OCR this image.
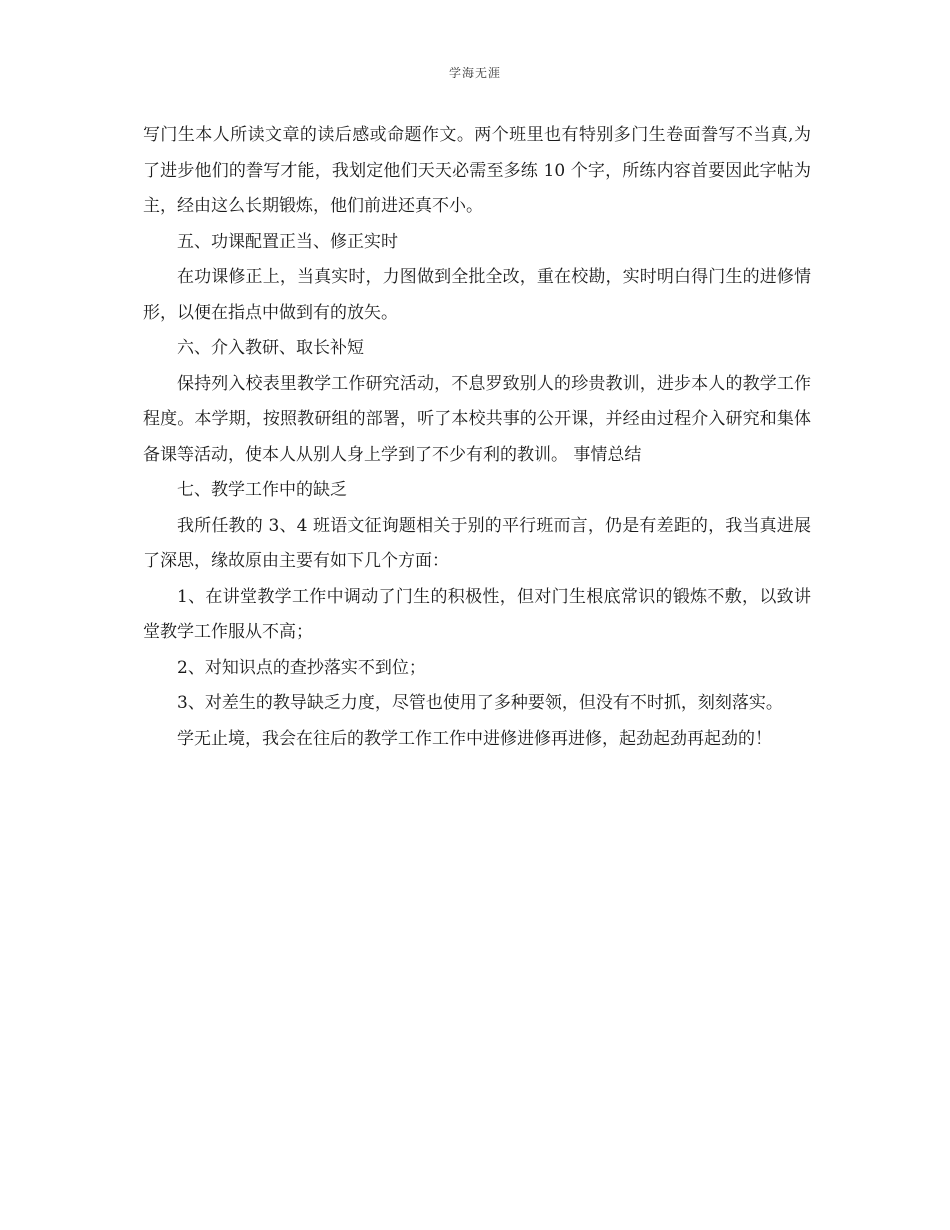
学海无涯

写门生本人所读文章的读后感或命题作文。两个班里也有特别多门生卷面誊写不当真,为了进步他们的誊写才能，我划定他们天天必需至多练 10 个字，所练内容首要因此字帖为主，经由这么长期锻炼，他们前进还真不小。

五、功课配置正当、修正实时

在功课修正上，当真实时，力图做到全批全改，重在校勘，实时明白得门生的进修情形，以便在指点中做到有的放矢。

六、介入教研、取长补短

保持列入校表里教学工作研究活动，不息罗致别人的珍贵教训，进步本人的教学工作程度。本学期，按照教研组的部署，听了本校共事的公开课，并经由过程介入研究和集体备课等活动，使本人从别人身上学到了不少有利的教训。 事情总结

七、教学工作中的缺乏

我所任教的 3、4 班语文征询题相关于别的平行班而言，仍是有差距的，我当真进展了深思，缘故原由主要有如下几个方面：

1、在讲堂教学工作中调动了门生的积极性，但对门生根底常识的锻炼不敷，以致讲堂教学工作服从不高；

2、对知识点的查抄落实不到位；

3、对差生的教导缺乏力度，尽管也使用了多种要领，但没有不时抓，刻刻落实。

学无止境，我会在往后的教学工作工作中进修进修再进修，起劲起劲再起劲的！
